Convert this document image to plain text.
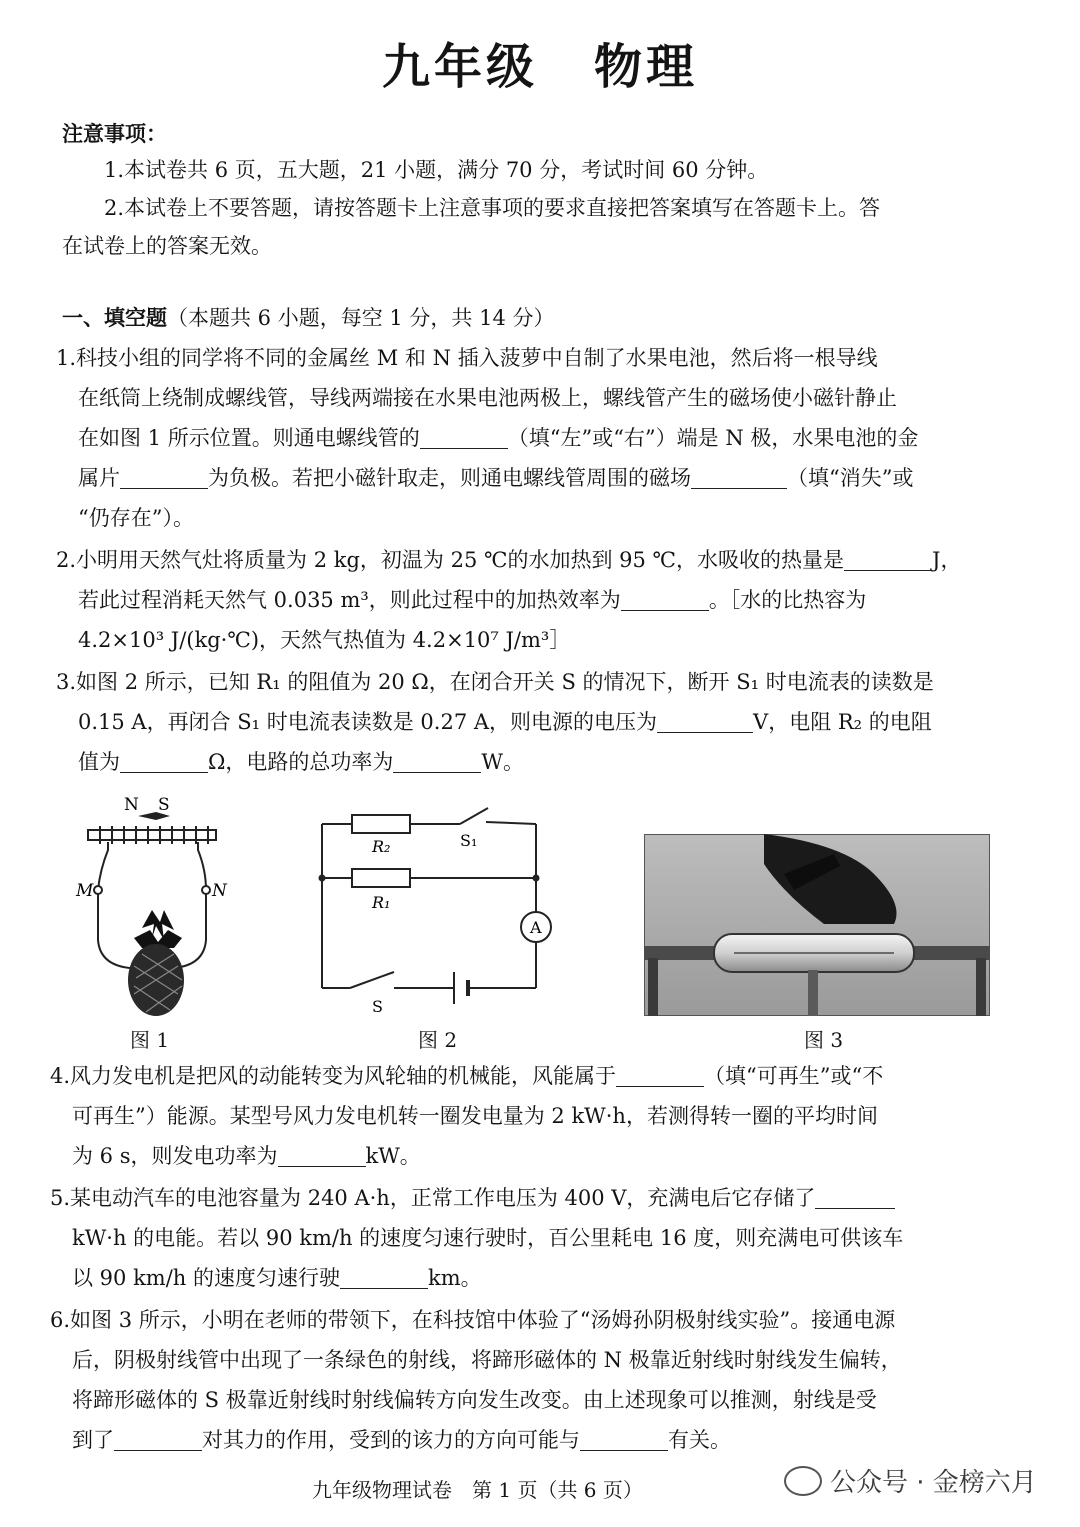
九年级 物理
注意事项：
1.本试卷共 6 页，五大题，21 小题，满分 70 分，考试时间 60 分钟。
2.本试卷上不要答题，请按答题卡上注意事项的要求直接把答案填写在答题卡上。答
在试卷上的答案无效。
一、填空题（本题共 6 小题，每空 1 分，共 14 分）
1.科技小组的同学将不同的金属丝 M 和 N 插入菠萝中自制了水果电池，然后将一根导线
在纸筒上绕制成螺线管，导线两端接在水果电池两极上，螺线管产生的磁场使小磁针静止
在如图 1 所示位置。则通电螺线管的	（填“左”或“右”）端是 N 极，水果电池的金
属片	为负极。若把小磁针取走，则通电螺线管周围的磁场	（填“消失”或
“仍存在”）。
2.小明用天然气灶将质量为 2 kg，初温为 25 ℃的水加热到 95 ℃，水吸收的热量是	J，
若此过程消耗天然气 0.035 m³，则此过程中的加热效率为	。［水的比热容为
4.2×10³ J/(kg·℃)，天然气热值为 4.2×10⁷ J/m³］
3.如图 2 所示，已知 R₁ 的阻值为 20 Ω，在闭合开关 S 的情况下，断开 S₁ 时电流表的读数是
0.15 A，再闭合 S₁ 时电流表读数是 0.27 A，则电源的电压为	V，电阻 R₂ 的电阻
值为	Ω，电路的总功率为	W。
N S
M	N
图 1
A
R₂
R₁
S₁
S
图 2	图 3
4.风力发电机是把风的动能转变为风轮轴的机械能，风能属于	（填“可再生”或“不
可再生”）能源。某型号风力发电机转一圈发电量为 2 kW·h，若测得转一圈的平均时间
为 6 s，则发电功率为	kW。
5.某电动汽车的电池容量为 240 A·h，正常工作电压为 400 V，充满电后它存储了
kW·h 的电能。若以 90 km/h 的速度匀速行驶时，百公里耗电 16 度，则充满电可供该车
以 90 km/h 的速度匀速行驶	km。
6.如图 3 所示，小明在老师的带领下，在科技馆中体验了“汤姆孙阴极射线实验”。接通电源
后，阴极射线管中出现了一条绿色的射线，将蹄形磁体的 N 极靠近射线时射线发生偏转，
将蹄形磁体的 S 极靠近射线时射线偏转方向发生改变。由上述现象可以推测，射线是受
到了	对其力的作用，受到的该力的方向可能与	有关。
九年级物理试卷　第 1 页（共 6 页）	公众号 · 金榜六月
